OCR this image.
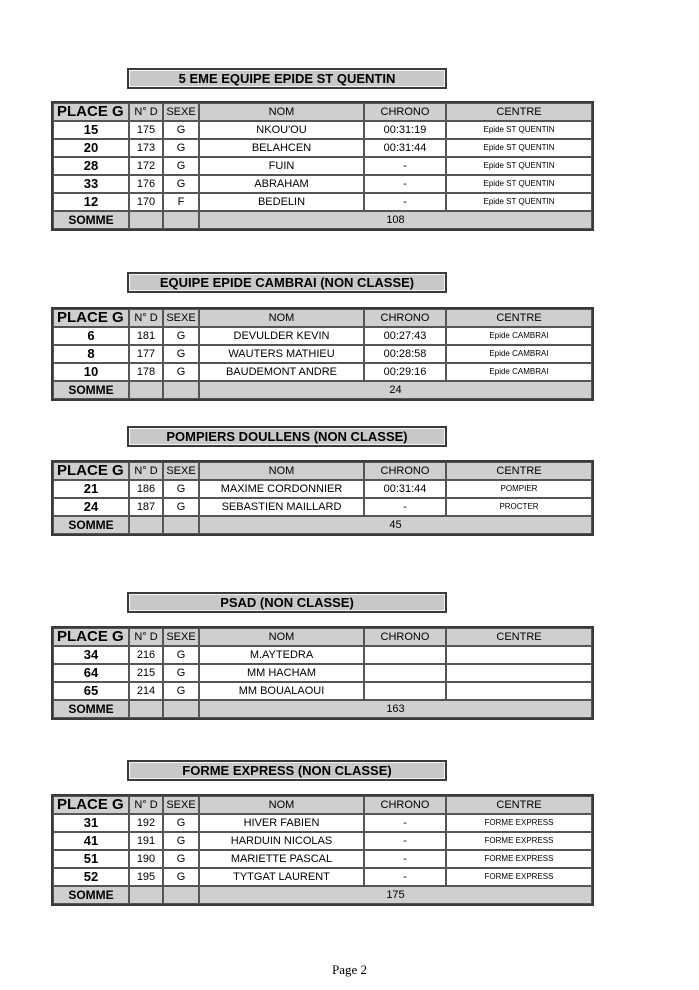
5 EME EQUIPE EPIDE ST QUENTIN
PLACE G	N° D	SEXE	NOM	CHRONO	CENTRE
15	175	G	NKOU'OU	00:31:19	Epide ST QUENTIN
20	173	G	BELAHCEN	00:31:44	Epide ST QUENTIN
28	172	G	FUIN	-	Epide ST QUENTIN
33	176	G	ABRAHAM	-	Epide ST QUENTIN
12	170	F	BEDELIN	-	Epide ST QUENTIN
SOMME			108		
EQUIPE EPIDE CAMBRAI (NON CLASSE)
PLACE G	N° D	SEXE	NOM	CHRONO	CENTRE
6	181	G	DEVULDER KEVIN	00:27:43	Epide CAMBRAI
8	177	G	WAUTERS MATHIEU	00:28:58	Epide CAMBRAI
10	178	G	BAUDEMONT ANDRE	00:29:16	Epide CAMBRAI
SOMME			24		
POMPIERS DOULLENS (NON CLASSE)
PLACE G	N° D	SEXE	NOM	CHRONO	CENTRE
21	186	G	MAXIME CORDONNIER	00:31:44	POMPIER
24	187	G	SEBASTIEN MAILLARD	-	PROCTER
SOMME			45		
PSAD (NON CLASSE)
PLACE G	N° D	SEXE	NOM	CHRONO	CENTRE
34	216	G	M.AYTEDRA		
64	215	G	MM HACHAM		
65	214	G	MM BOUALAOUI		
SOMME			163		
FORME EXPRESS (NON CLASSE)
PLACE G	N° D	SEXE	NOM	CHRONO	CENTRE
31	192	G	HIVER FABIEN	-	FORME EXPRESS
41	191	G	HARDUIN NICOLAS	-	FORME EXPRESS
51	190	G	MARIETTE PASCAL	-	FORME EXPRESS
52	195	G	TYTGAT LAURENT	-	FORME EXPRESS
SOMME			175		
Page 2
